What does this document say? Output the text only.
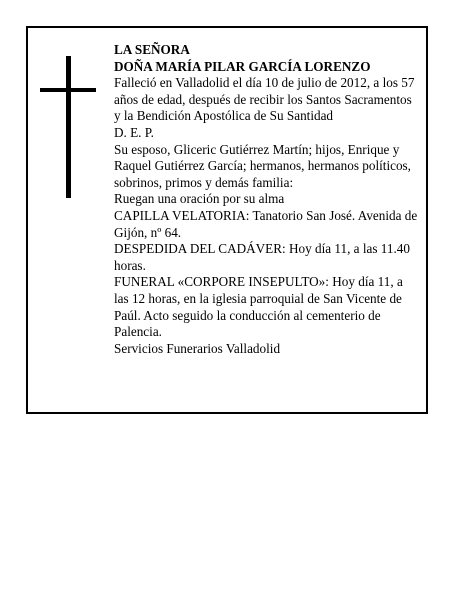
LA SEÑORA

DOÑA MARÍA PILAR GARCÍA LORENZO

Falleció en Valladolid el día 10 de julio de 2012, a los 57 años de edad, después de recibir los Santos Sacramentos y la Bendición Apostólica de Su Santidad

D. E. P.

Su esposo, Gliceric Gutiérrez Martín; hijos, Enrique y Raquel Gutiérrez García; hermanos, hermanos políticos, sobrinos, primos y demás familia:

Ruegan una oración por su alma

CAPILLA VELATORIA: Tanatorio San José. Avenida de Gijón, nº 64.

DESPEDIDA DEL CADÁVER: Hoy día 11, a las 11.40 horas.

FUNERAL «CORPORE INSEPULTO»: Hoy día 11, a las 12 horas, en la iglesia parroquial de San Vicente de Paúl. Acto seguido la conducción al cementerio de Palencia.

Servicios Funerarios Valladolid
